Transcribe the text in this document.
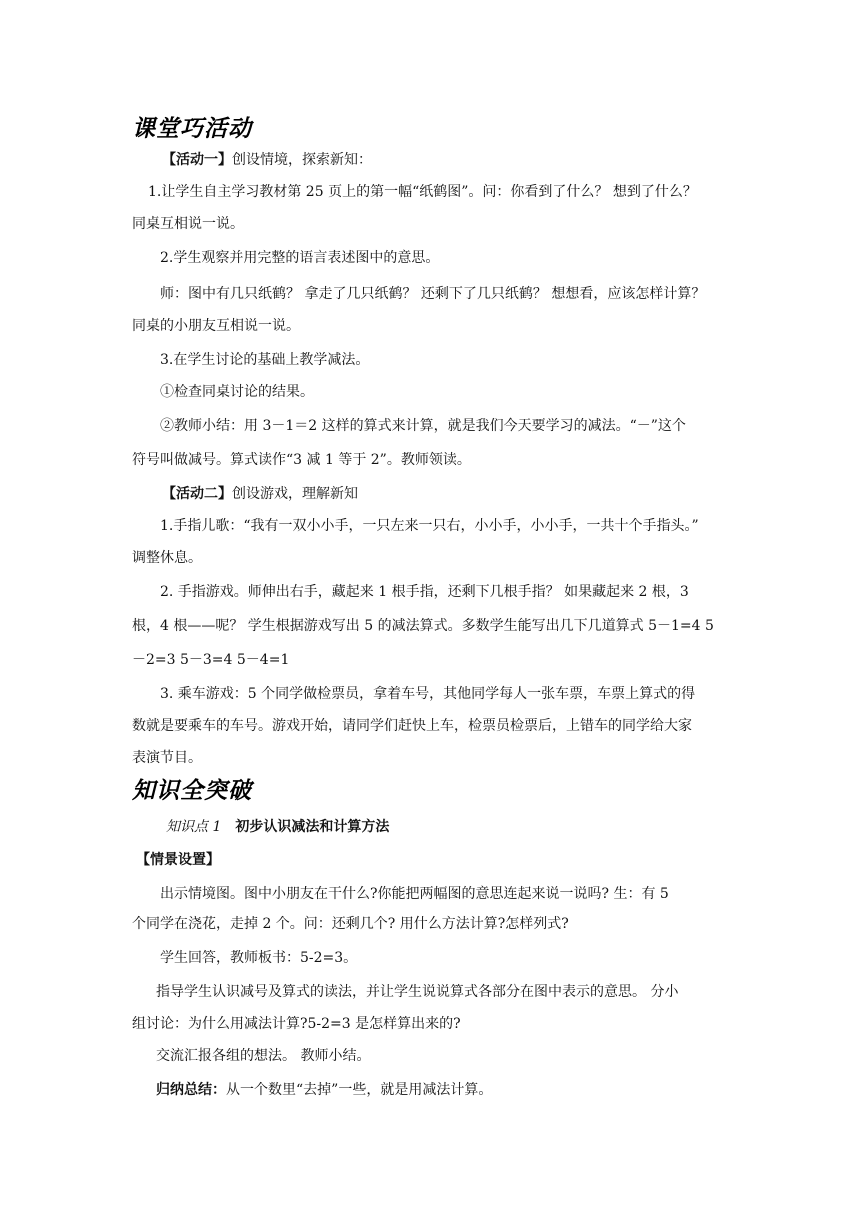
课堂巧活动
【活动一】创设情境，探索新知：
1.让学生自主学习教材第 25 页上的第一幅“纸鹤图”。问：你看到了什么？ 想到了什么？
同桌互相说一说。
2.学生观察并用完整的语言表述图中的意思。
师：图中有几只纸鹤？ 拿走了几只纸鹤？ 还剩下了几只纸鹤？ 想想看，应该怎样计算？
同桌的小朋友互相说一说。
3.在学生讨论的基础上教学减法。
①检查同桌讨论的结果。
②教师小结：用 3－1＝2 这样的算式来计算，就是我们今天要学习的减法。“－”这个
符号叫做减号。算式读作“3 减 1 等于 2”。教师领读。
【活动二】创设游戏，理解新知
1.手指儿歌：“我有一双小小手，一只左来一只右，小小手，小小手，一共十个手指头。”
调整休息。
2. 手指游戏。师伸出右手，藏起来 1 根手指，还剩下几根手指？ 如果藏起来 2 根，3
根，4 根——呢？ 学生根据游戏写出 5 的减法算式。多数学生能写出几下几道算式 5－1=4 5
－2=3 5－3=4 5－4=1
3. 乘车游戏：5 个同学做检票员，拿着车号，其他同学每人一张车票，车票上算式的得
数就是要乘车的车号。游戏开始，请同学们赶快上车，检票员检票后，上错车的同学给大家
表演节目。
知识全突破
知识点 1 初步认识减法和计算方法
【情景设置】
出示情境图。图中小朋友在干什么?你能把两幅图的意思连起来说一说吗? 生：有 5
个同学在浇花，走掉 2 个。问：还剩几个? 用什么方法计算?怎样列式?
学生回答，教师板书：5-2=3。
指导学生认识减号及算式的读法，并让学生说说算式各部分在图中表示的意思。 分小
组讨论：为什么用减法计算?5-2=3 是怎样算出来的?
交流汇报各组的想法。 教师小结。
归纳总结：从一个数里“去掉”一些，就是用减法计算。
